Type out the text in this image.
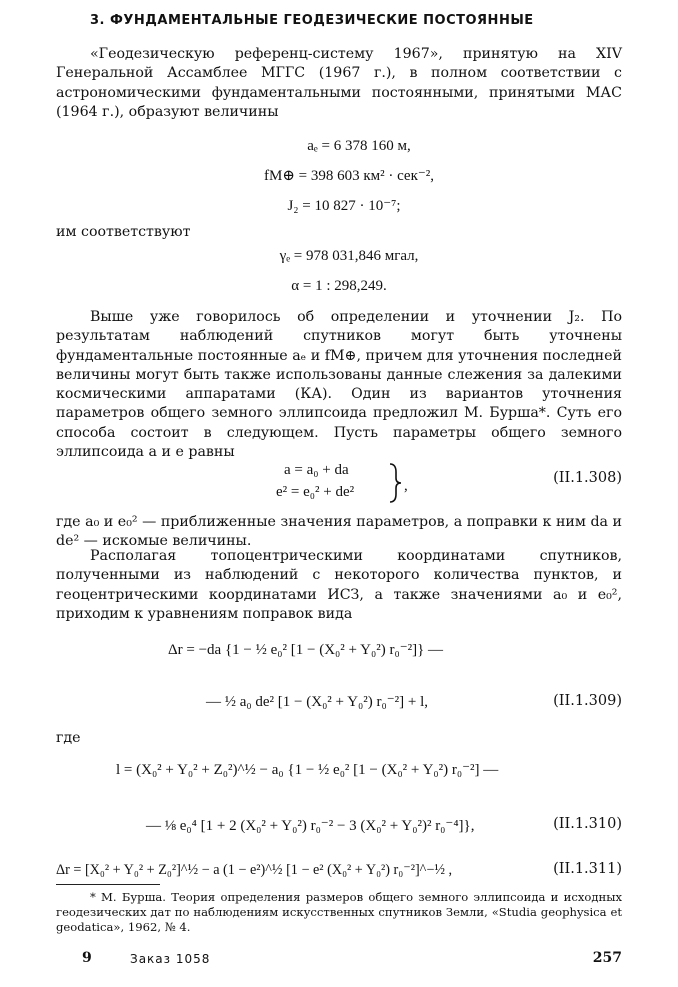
3. ФУНДАМЕНТАЛЬНЫЕ ГЕОДЕЗИЧЕСКИЕ ПОСТОЯННЫЕ

«Геодезическую референц-систему 1967», принятую на XIV Генеральной Ассамблее МГГС (1967 г.), в полном соответствии с астрономическими фундаментальными постоянными, принятыми МАС (1964 г.), образуют величины

aₑ = 6 378 160 м,
fM⊕ = 398 603 км² · сек⁻²,
J₂ = 10 827 · 10⁻⁷;
им соответствуют
γₑ = 978 031,846 мгал,
α = 1 : 298,249.

Выше уже говорилось об определении и уточнении J₂. По результатам наблюдений спутников могут быть уточнены фундаментальные постоянные aₑ и fM⊕, причем для уточнения последней величины могут быть также использованы данные слежения за далекими космическими аппаратами (КА). Один из вариантов уточнения параметров общего земного эллипсоида предложил М. Бурша*. Суть его способа состоит в следующем. Пусть параметры общего земного эллипсоида a и e равны

a = a₀ + da
e² = e₀² + de²	,	(II.1.308)

где a₀ и e₀² — приближенные значения параметров, а поправки к ним da и de² — искомые величины.

Располагая топоцентрическими координатами спутников, полученными из наблюдений с некоторого количества пунктов, и геоцентрическими координатами ИСЗ, а также значениями a₀ и e₀², приходим к уравнениям поправок вида

Δr = −da {1 − ½ e₀² [1 − (X₀² + Y₀²) r₀⁻²]} —
— ½ a₀ de² [1 − (X₀² + Y₀²) r₀⁻²] + l,	(II.1.309)
где
l = (X₀² + Y₀² + Z₀²)^½ − a₀ {1 − ½ e₀² [1 − (X₀² + Y₀²) r₀⁻²] —
— ⅛ e₀⁴ [1 + 2 (X₀² + Y₀²) r₀⁻² − 3 (X₀² + Y₀²)² r₀⁻⁴]},	(II.1.310)
Δr = [X₀² + Y₀² + Z₀²]^½ − a (1 − e²)^½ [1 − e² (X₀² + Y₀²) r₀⁻²]^−½ ,	(II.1.311)

* М. Бурша. Теория определения размеров общего земного эллипсоида и исходных геодезических дат по наблюдениям искусственных спутников Земли, «Studia geophysica et geodatica», 1962, № 4.

9	Заказ 1058	257
